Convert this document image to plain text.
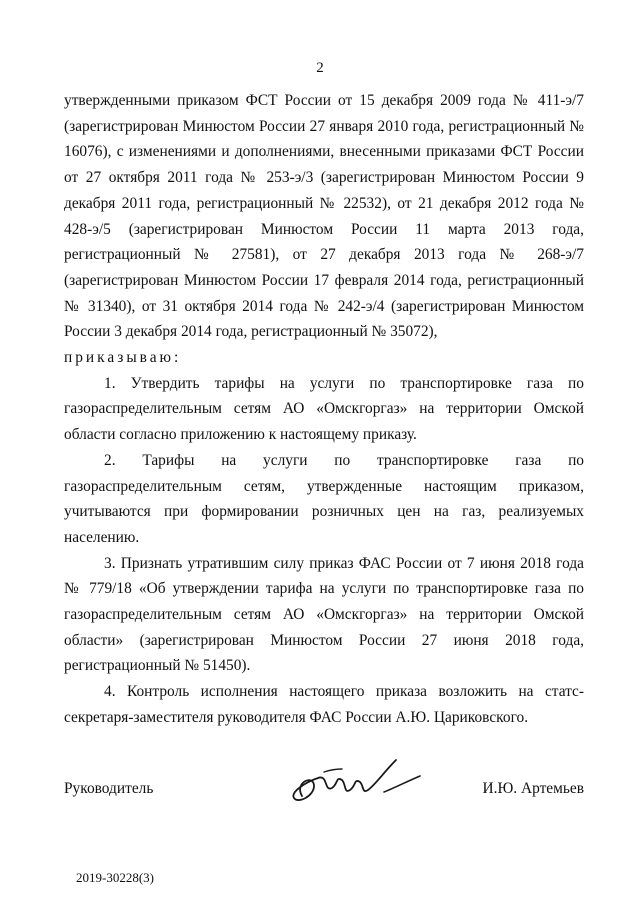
2

утвержденными приказом ФСТ России от 15 декабря 2009 года № 411-э/7 (зарегистрирован Минюстом России 27 января 2010 года, регистрационный № 16076), с изменениями и дополнениями, внесенными приказами ФСТ России от 27 октября 2011 года № 253-э/3 (зарегистрирован Минюстом России 9 декабря 2011 года, регистрационный № 22532), от 21 декабря 2012 года № 428-э/5 (зарегистрирован Минюстом России 11 марта 2013 года, регистрационный № 27581), от 27 декабря 2013 года № 268-э/7 (зарегистрирован Минюстом России 17 февраля 2014 года, регистрационный № 31340), от 31 октября 2014 года № 242-э/4 (зарегистрирован Минюстом России 3 декабря 2014 года, регистрационный № 35072),

приказываю:

1. Утвердить тарифы на услуги по транспортировке газа по газораспределительным сетям АО «Омскгоргаз» на территории Омской области согласно приложению к настоящему приказу.

2. Тарифы на услуги по транспортировке газа по газораспределительным сетям, утвержденные настоящим приказом, учитываются при формировании розничных цен на газ, реализуемых населению.

3. Признать утратившим силу приказ ФАС России от 7 июня 2018 года № 779/18 «Об утверждении тарифа на услуги по транспортировке газа по газораспределительным сетям АО «Омскгоргаз» на территории Омской области» (зарегистрирован Минюстом России 27 июня 2018 года, регистрационный № 51450).

4. Контроль исполнения настоящего приказа возложить на статс-секретаря-заместителя руководителя ФАС России А.Ю. Цариковского.

Руководитель	И.Ю. Артемьев
2019-30228(3)
